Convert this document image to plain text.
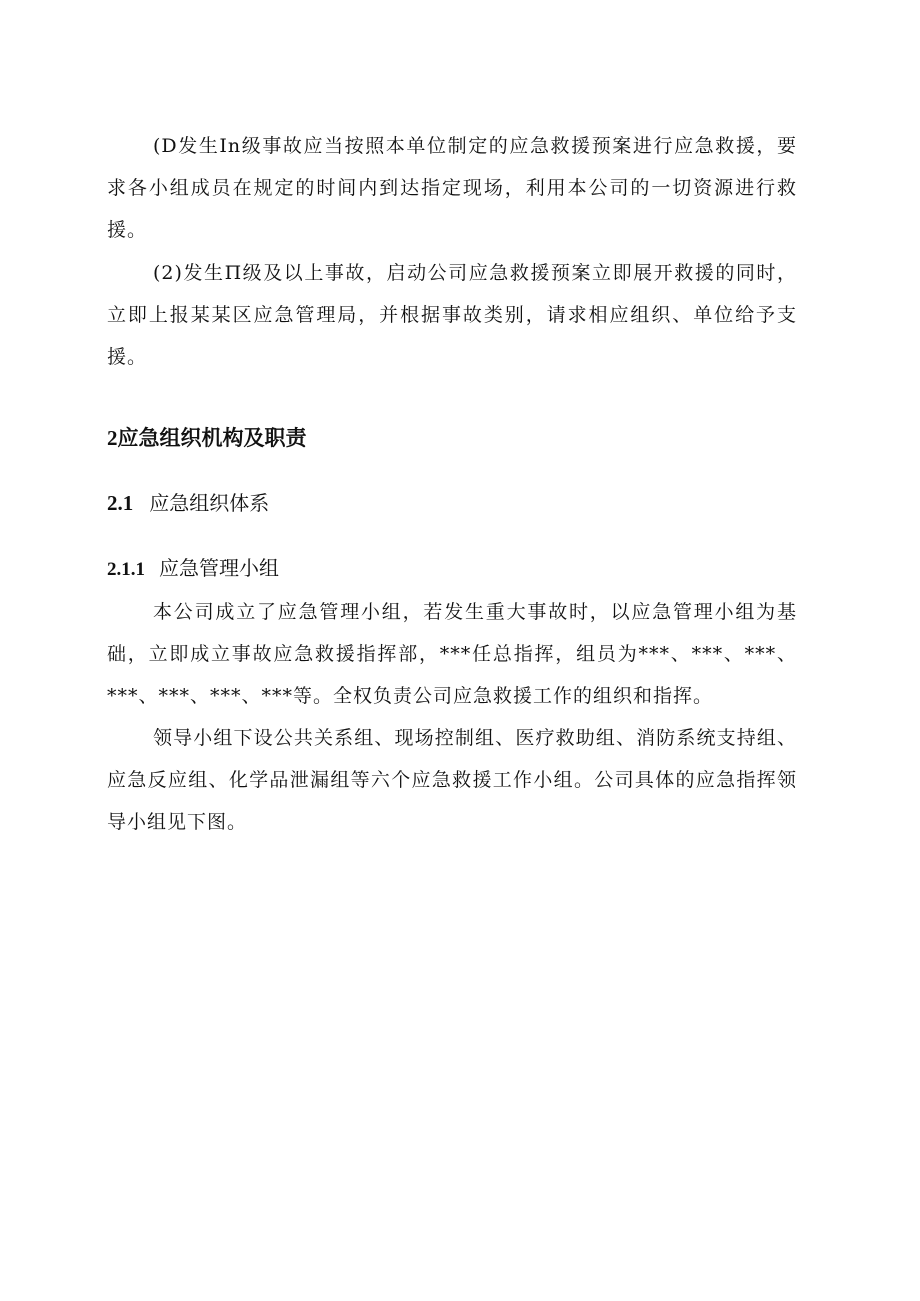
(D发生In级事故应当按照本单位制定的应急救援预案进行应急救援，要求各小组成员在规定的时间内到达指定现场，利用本公司的一切资源进行救援。

(2)发生Π级及以上事故，启动公司应急救援预案立即展开救援的同时，立即上报某某区应急管理局，并根据事故类别，请求相应组织、单位给予支援。

2应急组织机构及职责
2.1 应急组织体系
2.1.1 应急管理小组

本公司成立了应急管理小组，若发生重大事故时，以应急管理小组为基础，立即成立事故应急救援指挥部，***任总指挥，组员为***、***、***、***、***、***、***等。全权负责公司应急救援工作的组织和指挥。

领导小组下设公共关系组、现场控制组、医疗救助组、消防系统支持组、应急反应组、化学品泄漏组等六个应急救援工作小组。公司具体的应急指挥领导小组见下图。
